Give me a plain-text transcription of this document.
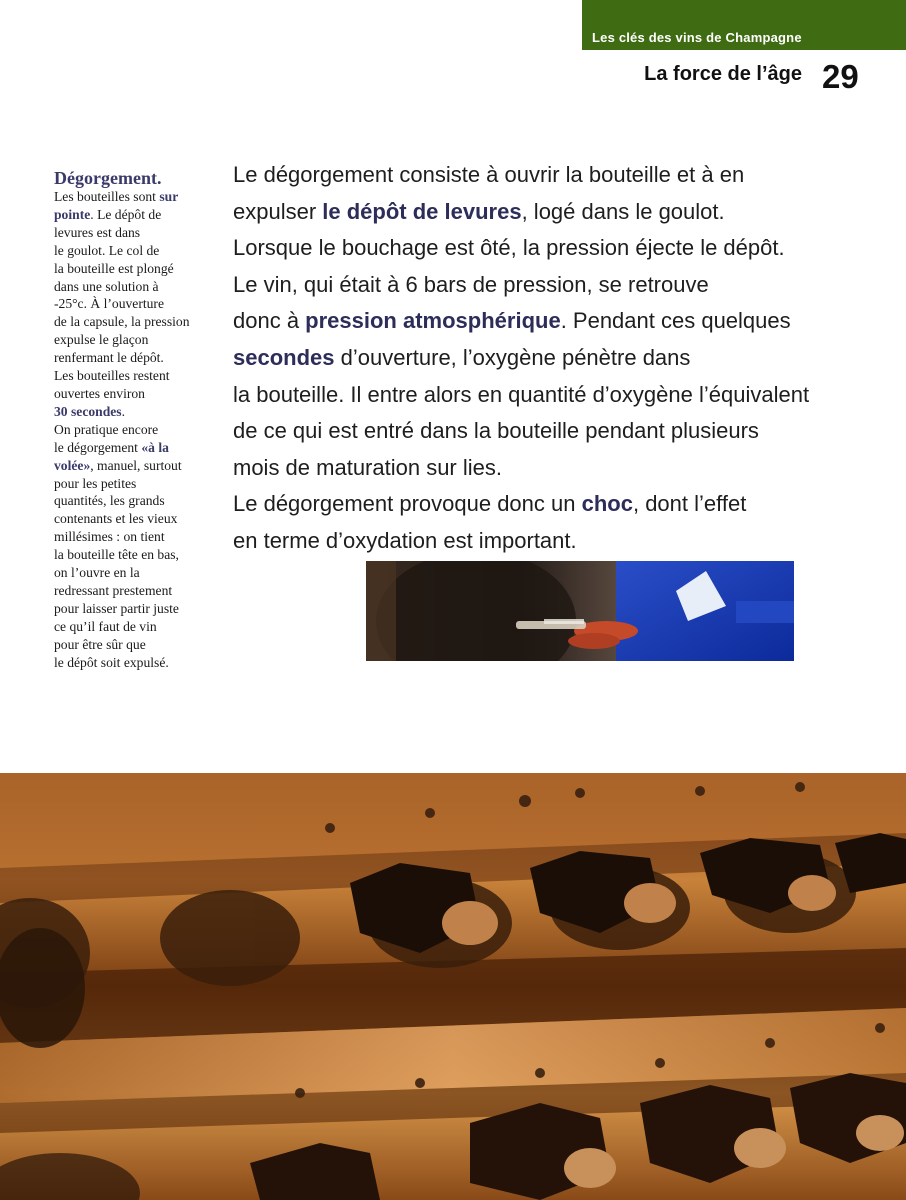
Les clés des vins de Champagne
La force de l’âge 29
Dégorgement.
Les bouteilles sont sur
pointe. Le dépôt de
levures est dans
le goulot. Le col de
la bouteille est plongé
dans une solution à
-25°c. À l’ouverture
de la capsule, la pression
expulse le glaçon
renfermant le dépôt.
Les bouteilles restent
ouvertes environ
30 secondes.
On pratique encore
le dégorgement «à la
volée», manuel, surtout
pour les petites
quantités, les grands
contenants et les vieux
millésimes : on tient
la bouteille tête en bas,
on l’ouvre en la
redressant prestement
pour laisser partir juste
ce qu’il faut de vin
pour être sûr que
le dépôt soit expulsé.
Le dégorgement consiste à ouvrir la bouteille et à en
expulser le dépôt de levures, logé dans le goulot.
Lorsque le bouchage est ôté, la pression éjecte le dépôt.
Le vin, qui était à 6 bars de pression, se retrouve
donc à pression atmosphérique. Pendant ces quelques
secondes d’ouverture, l’oxygène pénètre dans
la bouteille. Il entre alors en quantité d’oxygène l’équivalent
de ce qui est entré dans la bouteille pendant plusieurs
mois de maturation sur lies.
Le dégorgement provoque donc un choc, dont l’effet
en terme d’oxydation est important.
